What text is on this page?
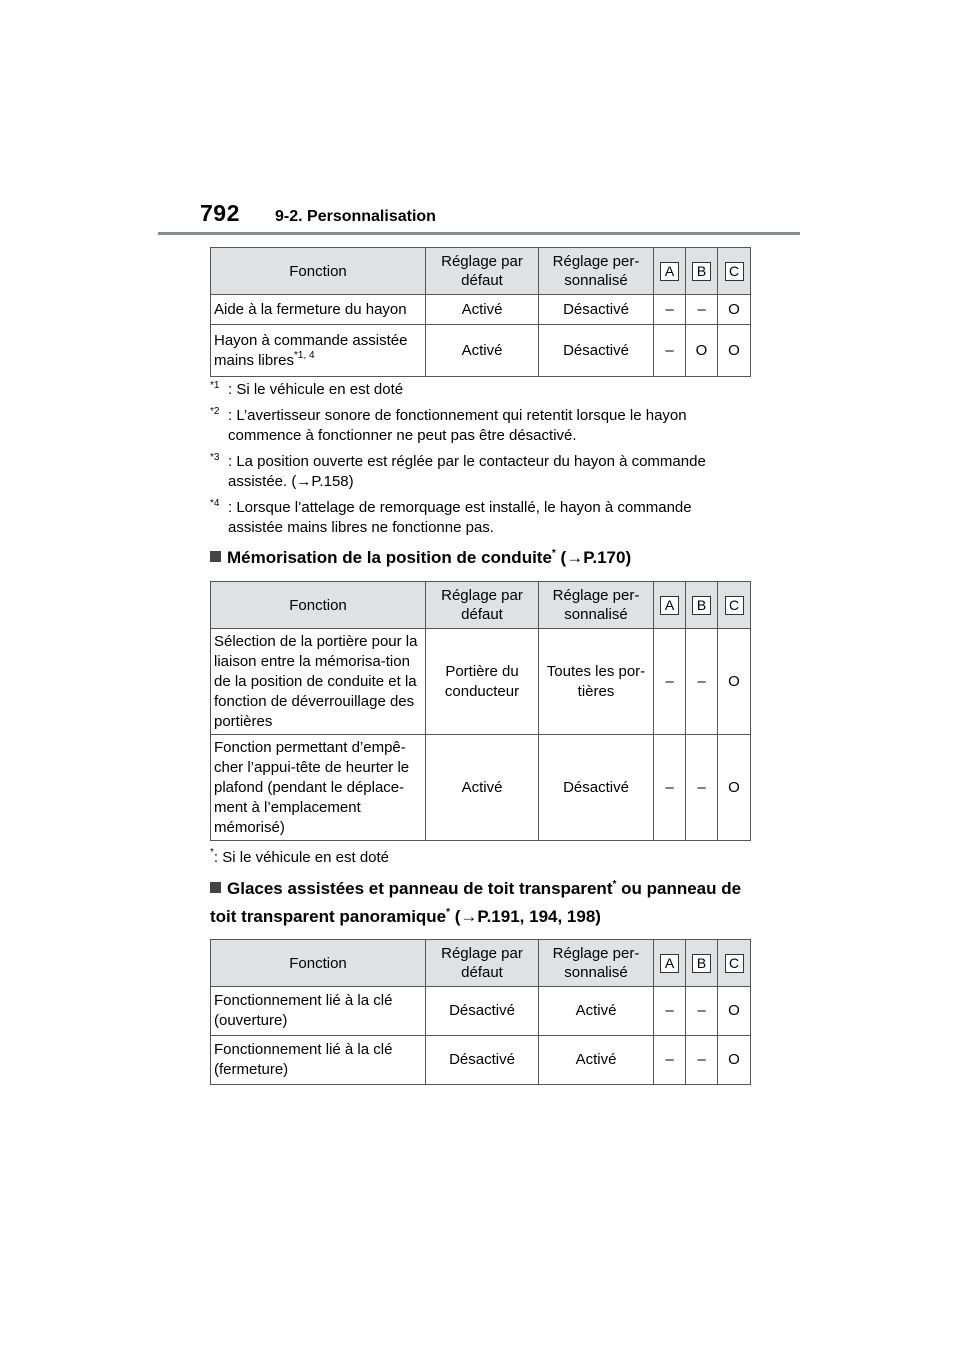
792 9-2. Personnalisation
Fonction	Réglage par défaut	Réglage per-sonnalisé	A	B	C
Aide à la fermeture du hayon	Activé	Désactivé	–	–	O
Hayon à commande assistée mains libres$^{*1, 4}$	Activé	Désactivé	–	O	O
$^{*1}$ : Si le véhicule en est doté
$^{*2}$ : L’avertisseur sonore de fonctionnement qui retentit lorsque le hayon commence à fonctionner ne peut pas être désactivé.
$^{*3}$ : La position ouverte est réglée par le contacteur du hayon à commande assistée. (→P.158)
$^{*4}$ : Lorsque l’attelage de remorquage est installé, le hayon à commande assistée mains libres ne fonctionne pas.
Mémorisation de la position de conduite* (→P.170)
Fonction	Réglage par défaut	Réglage per-sonnalisé	A	B	C
Sélection de la portière pour la liaison entre la mémorisa-tion de la position de conduite et la fonction de déverrouillage des portières	Portière du conducteur	Toutes les por-tières	–	–	O
Fonction permettant d’empê-cher l’appui-tête de heurter le plafond (pendant le déplace-ment à l’emplacement mémorisé)	Activé	Désactivé	–	–	O
*: Si le véhicule en est doté
Glaces assistées et panneau de toit transparent* ou panneau de toit transparent panoramique* (→P.191, 194, 198)
Fonction	Réglage par défaut	Réglage per-sonnalisé	A	B	C
Fonctionnement lié à la clé (ouverture)	Désactivé	Activé	–	–	O
Fonctionnement lié à la clé (fermeture)	Désactivé	Activé	–	–	O
